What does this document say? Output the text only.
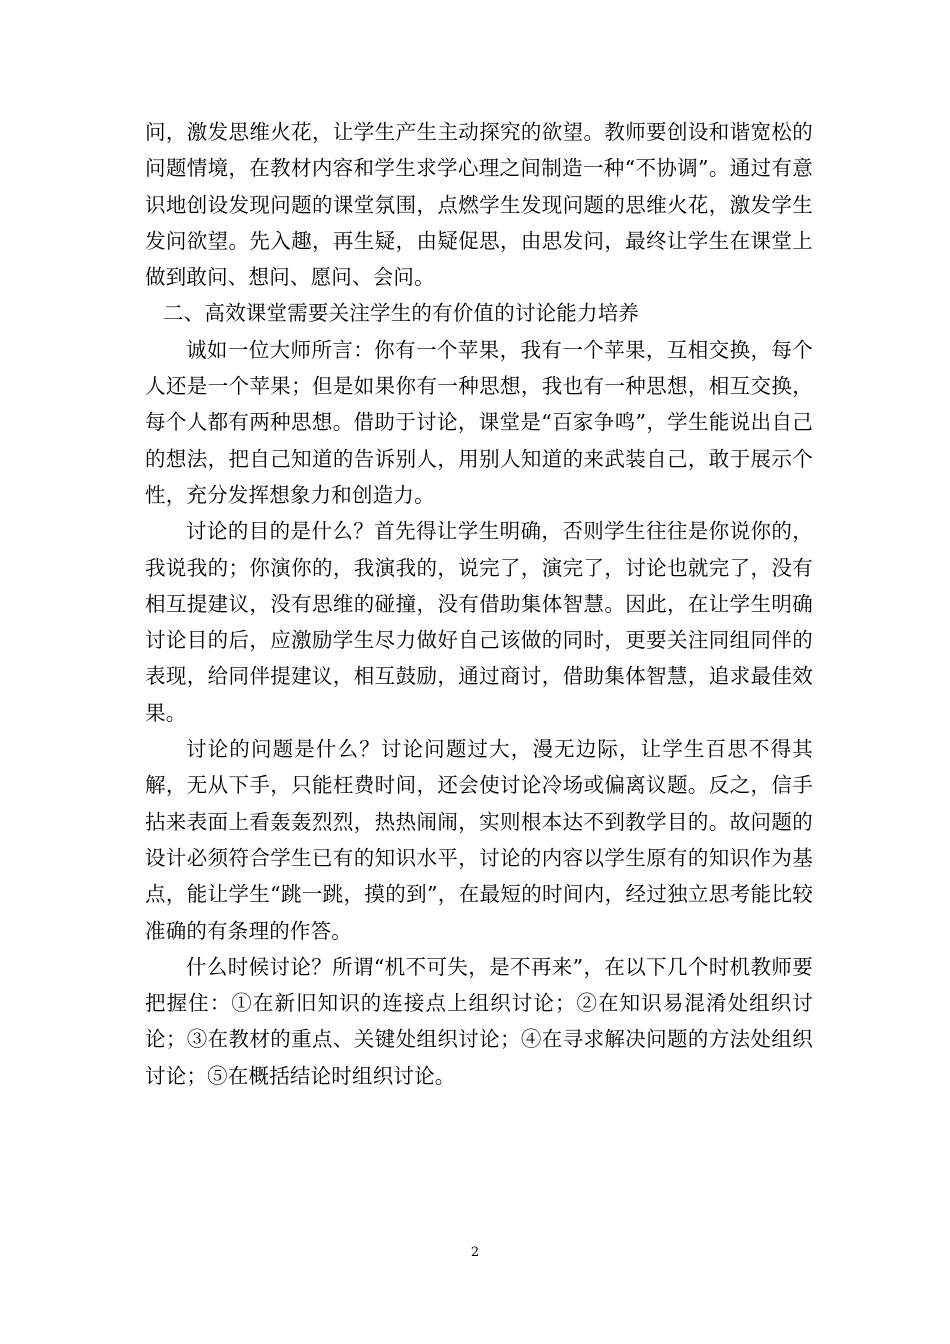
问，激发思维火花，让学生产生主动探究的欲望。教师要创设和谐宽松的问题情境，在教材内容和学生求学心理之间制造一种“不协调”。通过有意识地创设发现问题的课堂氛围，点燃学生发现问题的思维火花，激发学生发问欲望。先入趣，再生疑，由疑促思，由思发问，最终让学生在课堂上做到敢问、想问、愿问、会问。

二、高效课堂需要关注学生的有价值的讨论能力培养

诚如一位大师所言：你有一个苹果，我有一个苹果，互相交换，每个人还是一个苹果；但是如果你有一种思想，我也有一种思想，相互交换，每个人都有两种思想。借助于讨论，课堂是“百家争鸣”，学生能说出自己的想法，把自己知道的告诉别人，用别人知道的来武装自己，敢于展示个性，充分发挥想象力和创造力。

讨论的目的是什么？首先得让学生明确，否则学生往往是你说你的，我说我的；你演你的，我演我的，说完了，演完了，讨论也就完了，没有相互提建议，没有思维的碰撞，没有借助集体智慧。因此，在让学生明确讨论目的后，应激励学生尽力做好自己该做的同时，更要关注同组同伴的表现，给同伴提建议，相互鼓励，通过商讨，借助集体智慧，追求最佳效果。

讨论的问题是什么？讨论问题过大，漫无边际，让学生百思不得其解，无从下手，只能枉费时间，还会使讨论冷场或偏离议题。反之，信手拈来表面上看轰轰烈烈，热热闹闹，实则根本达不到教学目的。故问题的设计必须符合学生已有的知识水平，讨论的内容以学生原有的知识作为基点，能让学生“跳一跳，摸的到”，在最短的时间内，经过独立思考能比较准确的有条理的作答。

什么时候讨论？所谓“机不可失，是不再来”，在以下几个时机教师要把握住：①在新旧知识的连接点上组织讨论；②在知识易混淆处组织讨论；③在教材的重点、关键处组织讨论；④在寻求解决问题的方法处组织讨论；⑤在概括结论时组织讨论。

2
